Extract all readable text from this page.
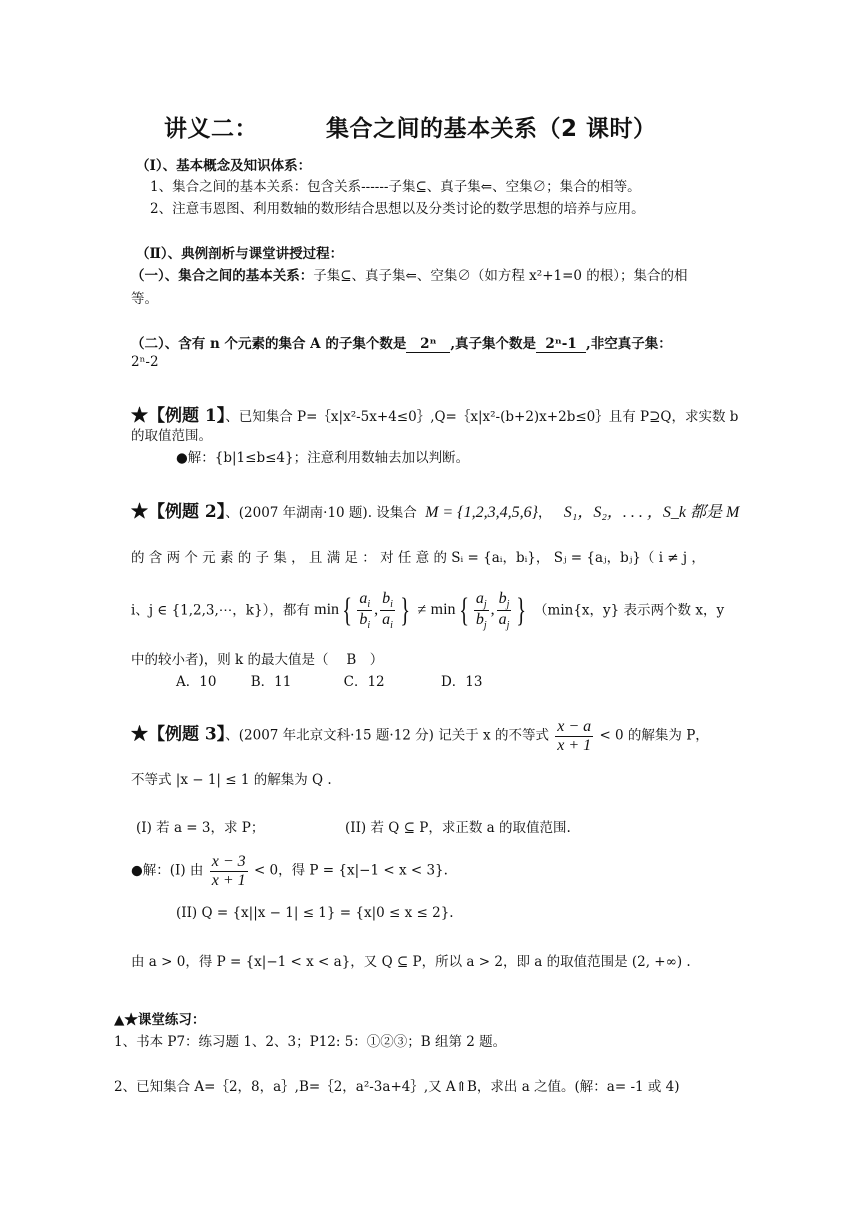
讲义二：	集合之间的基本关系（2 课时）
（Ⅰ）、基本概念及知识体系：
1、集合之间的基本关系：包含关系------子集⊆、真子集⇐、空集∅；集合的相等。
2、注意韦恩图、利用数轴的数形结合思想以及分类讨论的数学思想的培养与应用。
（Ⅱ）、典例剖析与课堂讲授过程：
（一）、集合之间的基本关系：子集⊆、真子集⇐、空集∅（如方程 x²+1=0 的根）；集合的相
等。
（二）、含有 n 个元素的集合 A 的子集个数是 2ⁿ ,真子集个数是 2ⁿ-1 ,非空真子集：
2ⁿ-2
★【例题 1】、已知集合 P=｛x|x²-5x+4≤0｝,Q=｛x|x²-(b+2)x+2b≤0｝且有 P⊇Q，求实数 b
的取值范围。
●解：{b|1≤b≤4}；注意利用数轴去加以判断。
★【例题 2】、(2007 年湖南·10 题). 设集合 M = {1,2,3,4,5,6}， S₁，S₂，. . . ，S_k 都是 M
的 含 两 个 元 素 的 子 集 ， 且 满 足 ： 对 任 意 的 Sᵢ = {aᵢ，bᵢ}， Sⱼ = {aⱼ，bⱼ}（ i ≠ j ，
i、j ∈ {1,2,3,⋯，k}），都有 $\min\{ \frac{a_i}{b_i}$ , $\frac{b_i}{a_i}$ } ≠ $\min\{ \frac{a_j}{b_j}$ , $\frac{b_j}{a_j}$ } （min{x，y} 表示两个数 x，y
中的较小者)，则 k 的最大值是（　 B　）
A．10	B．11	C．12	D．13
★【例题 3】、(2007 年北京文科·15 题·12 分) 记关于 x 的不等式 $\frac{x - a}{x + 1} < 0$ 的解集为 P，
不等式 |x − 1| ≤ 1 的解集为 Q .
(I) 若 a = 3，求 P；	(II) 若 Q ⊆ P，求正数 a 的取值范围.
●解：(I) 由 $\frac{x - 3}{x + 1} < 0$，得 P = {x|−1 < x < 3}.
(II) Q = {x||x − 1| ≤ 1} = {x|0 ≤ x ≤ 2}.
由 a > 0，得 P = {x|−1 < x < a}，又 Q ⊆ P，所以 a > 2，即 a 的取值范围是 (2, +∞) .
▲★课堂练习：
1、书本 P7：练习题 1、2、3；P12: 5：①②③；B 组第 2 题。
2、已知集合 A=｛2，8，a｝,B=｛2，a²-3a+4｝,又 A⇑B，求出 a 之值。(解：a= -1 或 4)
